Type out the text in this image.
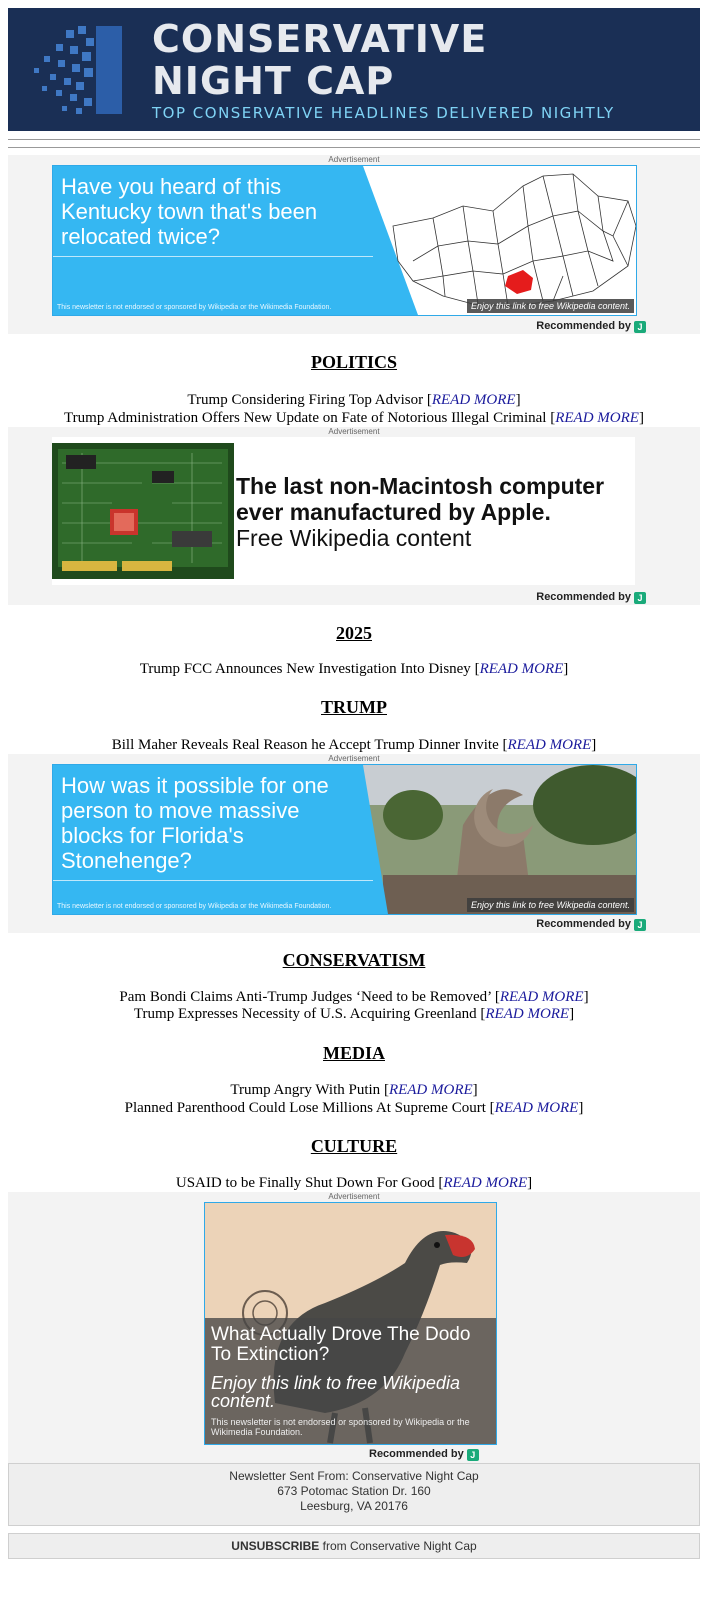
CONSERVATIVE
NIGHT CAP
TOP CONSERVATIVE HEADLINES DELIVERED NIGHTLY
Advertisement
Have you heard of this Kentucky town that's been relocated twice?
This newsletter is not endorsed or sponsored by Wikipedia or the Wikimedia Foundation.	Enjoy this link to free Wikipedia content.
Recommended by J
POLITICS
Trump Considering Firing Top Advisor [READ MORE]
Trump Administration Offers New Update on Fate of Notorious Illegal Criminal [READ MORE]
Advertisement
The last non-Macintosh computer
ever manufactured by Apple.
Free Wikipedia content
Recommended by J
2025
Trump FCC Announces New Investigation Into Disney [READ MORE]
TRUMP
Bill Maher Reveals Real Reason he Accept Trump Dinner Invite [READ MORE]
Advertisement
How was it possible for one person to move massive blocks for Florida's Stonehenge?
This newsletter is not endorsed or sponsored by Wikipedia or the Wikimedia Foundation.	Enjoy this link to free Wikipedia content.
Recommended by J
CONSERVATISM
Pam Bondi Claims Anti-Trump Judges ‘Need to be Removed’ [READ MORE]
Trump Expresses Necessity of U.S. Acquiring Greenland [READ MORE]
MEDIA
Trump Angry With Putin [READ MORE]
Planned Parenthood Could Lose Millions At Supreme Court [READ MORE]
CULTURE
USAID to be Finally Shut Down For Good [READ MORE]
Advertisement
What Actually Drove The Dodo To Extinction?
Enjoy this link to free Wikipedia content.
This newsletter is not endorsed or sponsored by Wikipedia or the Wikimedia Foundation.
Recommended by J
Newsletter Sent From: Conservative Night Cap
673 Potomac Station Dr. 160
Leesburg, VA 20176
UNSUBSCRIBE from Conservative Night Cap
